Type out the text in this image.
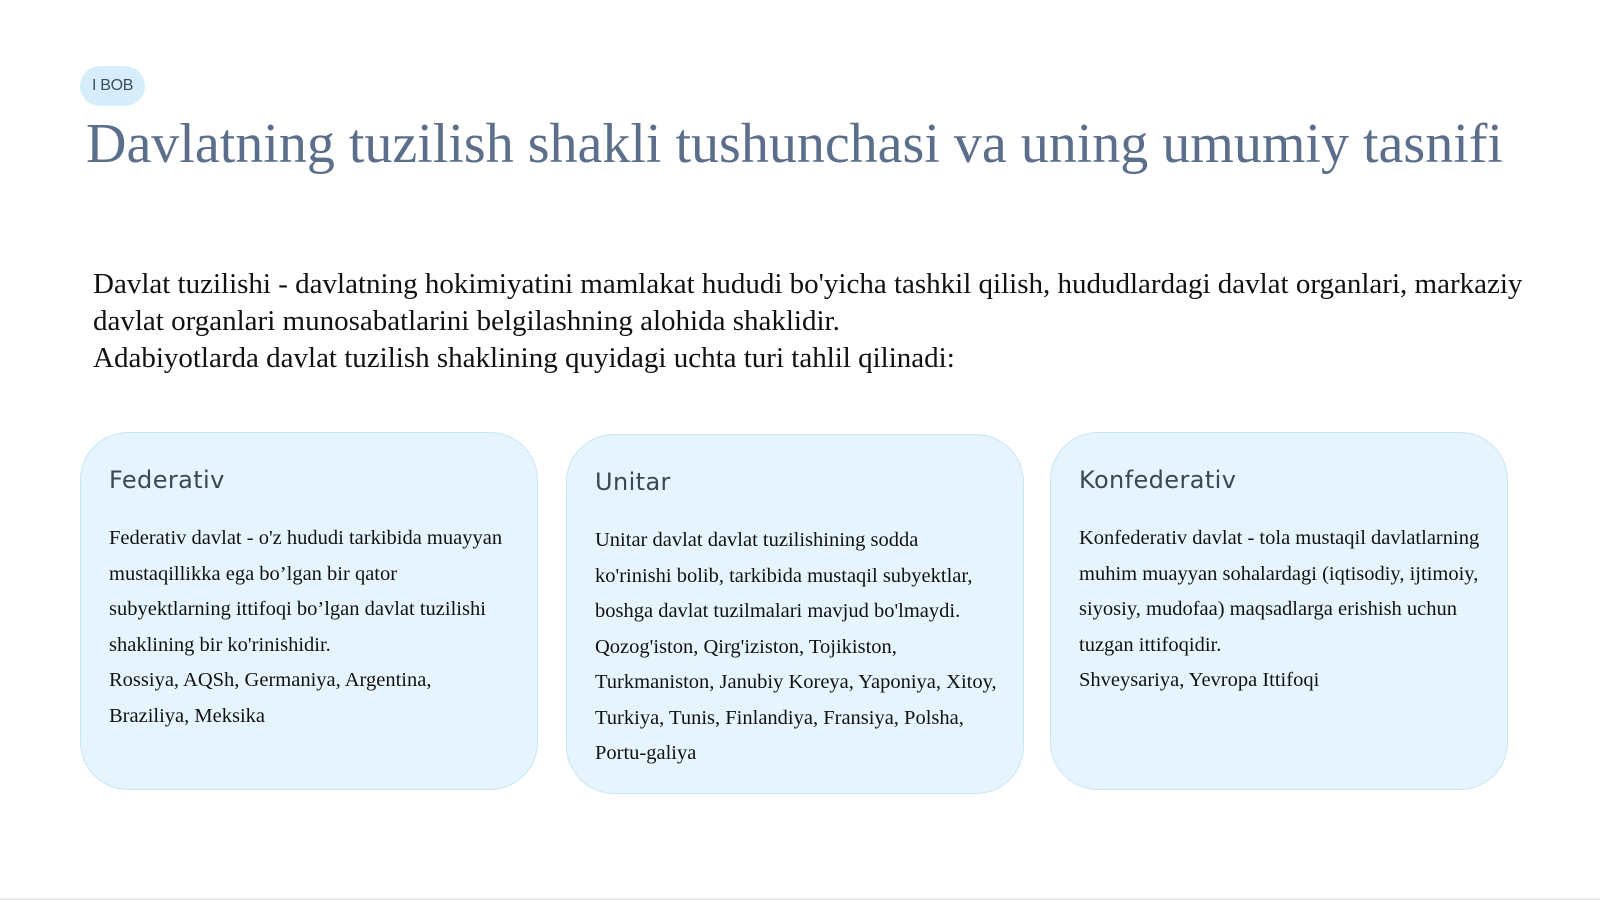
I BOB
Davlatning tuzilish shakli tushunchasi va uning umumiy tasnifi

Davlat tuzilishi - davlatning hokimiyatini mamlakat hududi bo'yicha tashkil qilish, hududlardagi davlat organlari, markaziy davlat organlari munosabatlarini belgilashning alohida shaklidir.

Adabiyotlarda davlat tuzilish shaklining quyidagi uchta turi tahlil qilinadi:

Federativ

Federativ davlat - o'z hududi tarkibida muayyan mustaqillikka ega bo’lgan bir qator subyektlarning ittifoqi bo’lgan davlat tuzilishi shaklining bir ko'rinishidir.
Rossiya, AQSh, Germaniya, Argentina, Braziliya, Meksika

Unitar

Unitar davlat davlat tuzilishining sodda ko'rinishi bolib, tarkibida mustaqil subyektlar, boshga davlat tuzilmalari mavjud bo'lmaydi.
Qozog'iston, Qirg'iziston, Tojikiston, Turkmaniston, Janubiy Koreya, Yaponiya, Xitoy, Turkiya, Tunis, Finlandiya, Fransiya, Polsha, Portu-galiya

Konfederativ

Konfederativ davlat - tola mustaqil davlatlarning muhim muayyan sohalardagi (iqtisodiy, ijtimoiy, siyosiy, mudofaa) maqsadlarga erishish uchun tuzgan ittifoqidir.
Shveysariya, Yevropa Ittifoqi
